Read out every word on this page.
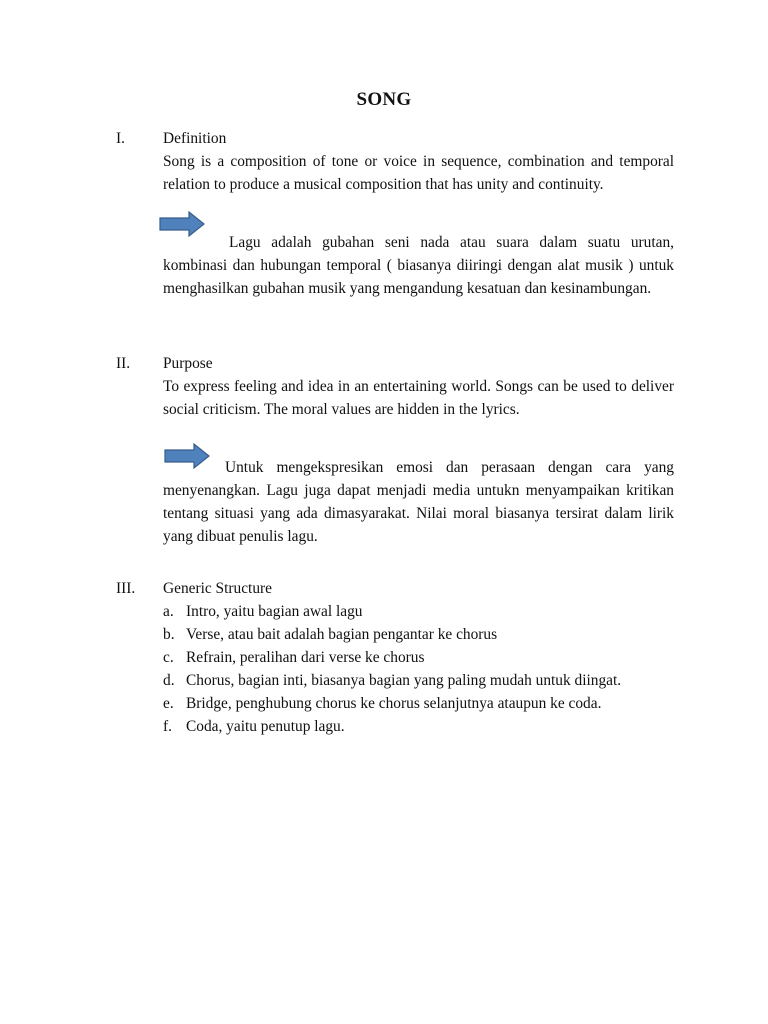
SONG
I. Definition

Song is a composition of tone or voice in sequence, combination and temporal relation to produce a musical composition that has unity and continuity.

Lagu adalah gubahan seni nada atau suara dalam suatu urutan, kombinasi dan hubungan temporal ( biasanya diiringi dengan alat musik ) untuk menghasilkan gubahan musik yang mengandung kesatuan dan kesinambungan.
II. Purpose

To express feeling and idea in an entertaining world. Songs can be used to deliver social criticism. The moral values are hidden in the lyrics.

Untuk mengekspresikan emosi dan perasaan dengan cara yang menyenangkan. Lagu juga dapat menjadi media untukn menyampaikan kritikan tentang situasi yang ada dimasyarakat. Nilai moral biasanya tersirat dalam lirik yang dibuat penulis lagu.
III. Generic Structure
a. Intro, yaitu bagian awal lagu
b. Verse, atau bait adalah bagian pengantar ke chorus
c. Refrain, peralihan dari verse ke chorus
d. Chorus, bagian inti, biasanya bagian yang paling mudah untuk diingat.
e. Bridge, penghubung chorus ke chorus selanjutnya ataupun ke coda.
f. Coda, yaitu penutup lagu.
